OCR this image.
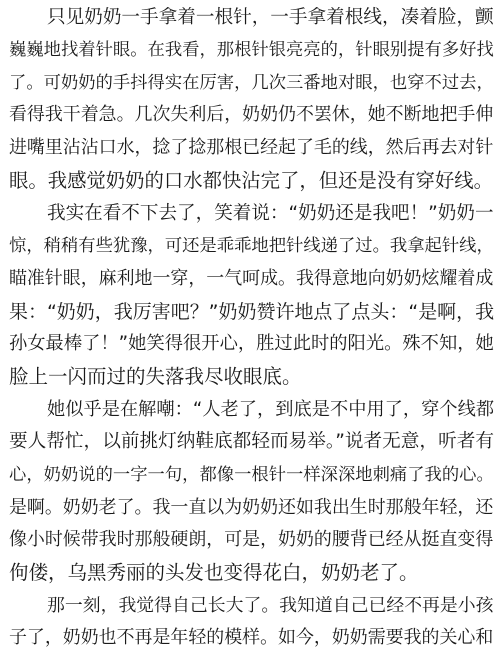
只见奶奶一手拿着一根针，一手拿着根线，凑着脸，颤
巍巍地找着针眼。在我看，那根针银亮亮的，针眼别提有多好找
了。可奶奶的手抖得实在厉害，几次三番地对眼，也穿不过去，
看得我干着急。几次失利后，奶奶仍不罢休，她不断地把手伸
进嘴里沾沾口水，捻了捻那根已经起了毛的线，然后再去对针
眼。我感觉奶奶的口水都快沾完了，但还是没有穿好线。
我实在看不下去了，笑着说：“奶奶还是我吧！”奶奶一
惊，稍稍有些犹豫，可还是乖乖地把针线递了过。我拿起针线，
瞄准针眼，麻利地一穿，一气呵成。我得意地向奶奶炫耀着成
果：“奶奶，我厉害吧？”奶奶赞许地点了点头：“是啊，我
孙女最棒了！”她笑得很开心，胜过此时的阳光。殊不知，她
脸上一闪而过的失落我尽收眼底。
她似乎是在解嘲：“人老了，到底是不中用了，穿个线都
要人帮忙，以前挑灯纳鞋底都轻而易举。”说者无意，听者有
心，奶奶说的一字一句，都像一根针一样深深地刺痛了我的心。
是啊。奶奶老了。我一直以为奶奶还如我出生时那般年轻，还
像小时候带我时那般硬朗，可是，奶奶的腰背已经从挺直变得
佝偻，乌黑秀丽的头发也变得花白，奶奶老了。
那一刻，我觉得自己长大了。我知道自己已经不再是小孩
子了，奶奶也不再是年轻的模样。如今，奶奶需要我的关心和
